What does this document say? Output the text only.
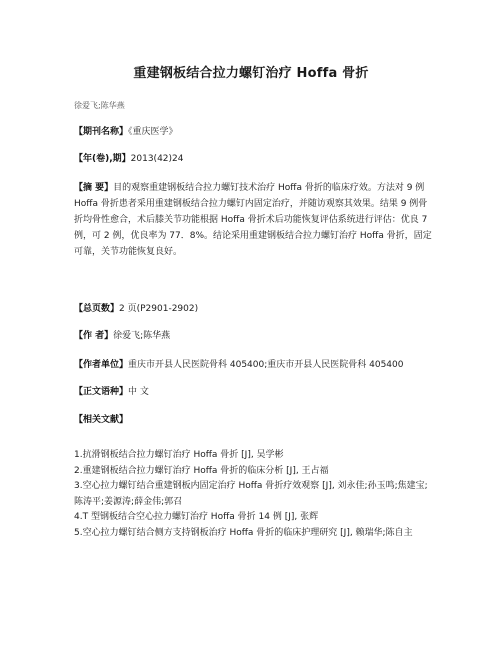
重建钢板结合拉力螺钉治疗 Hoffa 骨折
徐爱飞;陈华燕
【期刊名称】《重庆医学》
【年(卷),期】2013(42)24
【摘 要】目的观察重建钢板结合拉力螺钉技术治疗 Hoffa 骨折的临床疗效。方法对 9 例 Hoffa 骨折患者采用重建钢板结合拉力螺钉内固定治疗，并随访观察其效果。结果 9 例骨折均骨性愈合，术后膝关节功能根据 Hoffa 骨折术后功能恢复评估系统进行评估：优良 7 例，可 2 例，优良率为 77．8%。结论采用重建钢板结合拉力螺钉治疗 Hoffa 骨折，固定可靠，关节功能恢复良好。
【总页数】2 页(P2901-2902)
【作 者】徐爱飞;陈华燕
【作者单位】重庆市开县人民医院骨科 405400;重庆市开县人民医院骨科 405400
【正文语种】中 文
【相关文献】
1.抗滑钢板结合拉力螺钉治疗 Hoffa 骨折 [J], 吴学彬
2.重建钢板结合拉力螺钉治疗 Hoffa 骨折的临床分析 [J], 王占福
3.空心拉力螺钉结合重建钢板内固定治疗 Hoffa 骨折疗效观察 [J], 刘永佳;孙玉鸣;焦建宝;陈涛平;姜源涛;薛金伟;郭召
4.T 型钢板结合空心拉力螺钉治疗 Hoffa 骨折 14 例 [J], 张辉
5.空心拉力螺钉结合侧方支持钢板治疗 Hoffa 骨折的临床护理研究 [J], 赖瑞华;陈自主
